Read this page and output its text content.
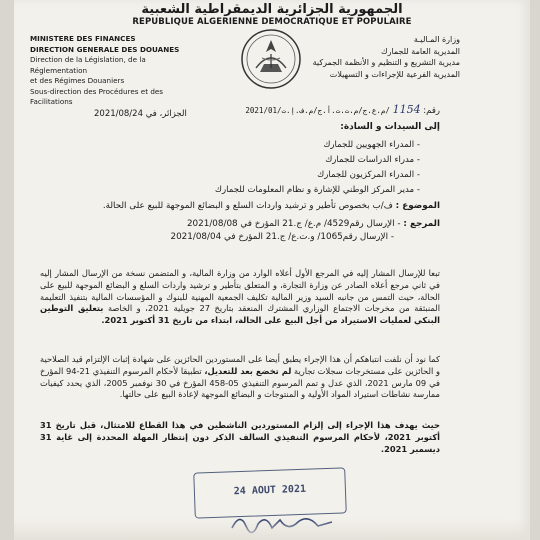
الجمهورية الجزائرية الديمقراطية الشعبية
REPUBLIQUE ALGERIENNE DEMOCRATIQUE ET POPULAIRE
MINISTERE DES FINANCES
DIRECTION GENERALE DES DOUANES
Direction de la Législation, de la Réglementation
et des Régimes Douaniers
Sous-direction des Procédures et des
Facilitations
وزارة المـاليـة
المديرية العامة للجمارك
مديرية التشريع و التنظيم و الأنظمة الجمركية
المديرية الفرعية للإجراءات و التسهيلات
رقم: 1154 /م.ع.ج/م.ت.ت.أ.ج/م.ف.إ.ت/2021/01
الجزائر، في 2021/08/24
إلى السيدات و السادة:
- المدراء الجهويين للجمارك
- مدراء الدراسات للجمارك
- المدراء المركزيون للجمارك
- مدير المركز الوطني للإشارة و نظام المعلومات للجمارك
الموضوع : ف/ب بخصوص تأطير و ترشيد واردات السلع و البضائع الموجهة للبيع على الحالة.
المرجع : - الإرسال رقم4529/ م.ع/ ج.21 المؤرخ في 2021/08/08
- الإرسال رقم1065/ و.ت.ع/ ج.21 المؤرخ في 2021/08/04
تبعا للإرسال المشار إليه في المرجع الأول أعلاه الوارد من وزارة المالية، و المتضمن نسخة من الإرسال المشار إليه في ثاني مرجع أعلاه الصادر عن وزارة التجارة، و المتعلق بتأطير و ترشيد واردات السلع و البضائع الموجهة للبيع على الحالة، حيث التمس من جانبه السيد وزير المالية تكليف الجمعية المهنية للبنوك و المؤسسات المالية بتنفيذ التعليمة المنبثقة من مخرجات الاجتماع الوزاري المشترك المنعقد بتاريخ 27 جويلية 2021، و الخاصة بتعليق التوطين البنكي لعمليات الاستيراد من أجل البيع على الحالة، ابتداء من تاريخ 31 أكتوبر 2021.
كما نود أن نلفت انتباهكم أن هذا الإجراء يطبق أيضا على المستوردين الحائزين على شهادة إثبات الإلتزام قيد الصلاحية و الحائزين على مستخرجات سجلات تجارية لم تخضع بعد للتعديل، تطبيقا لأحكام المرسوم التنفيذي 21-94 المؤرخ في 09 مارس 2021، الذي عدل و تمم المرسوم التنفيذي 05-458 المؤرخ في 30 نوفمبر 2005، الذي يحدد كيفيات ممارسة نشاطات استيراد المواد الأولية و المنتوجات و البضائع الموجهة لإعادة البيع على حالتها.
حيث يهدف هذا الإجراء إلى إلزام المستوردين الناشطين في هذا القطاع للامتثال، قبل تاريخ 31 أكتوبر 2021، لأحكام المرسوم التنفيذي السالف الذكر دون إنتظار المهلة المحددة إلى غاية 31 ديسمبر 2021.
24 AOUT 2021
